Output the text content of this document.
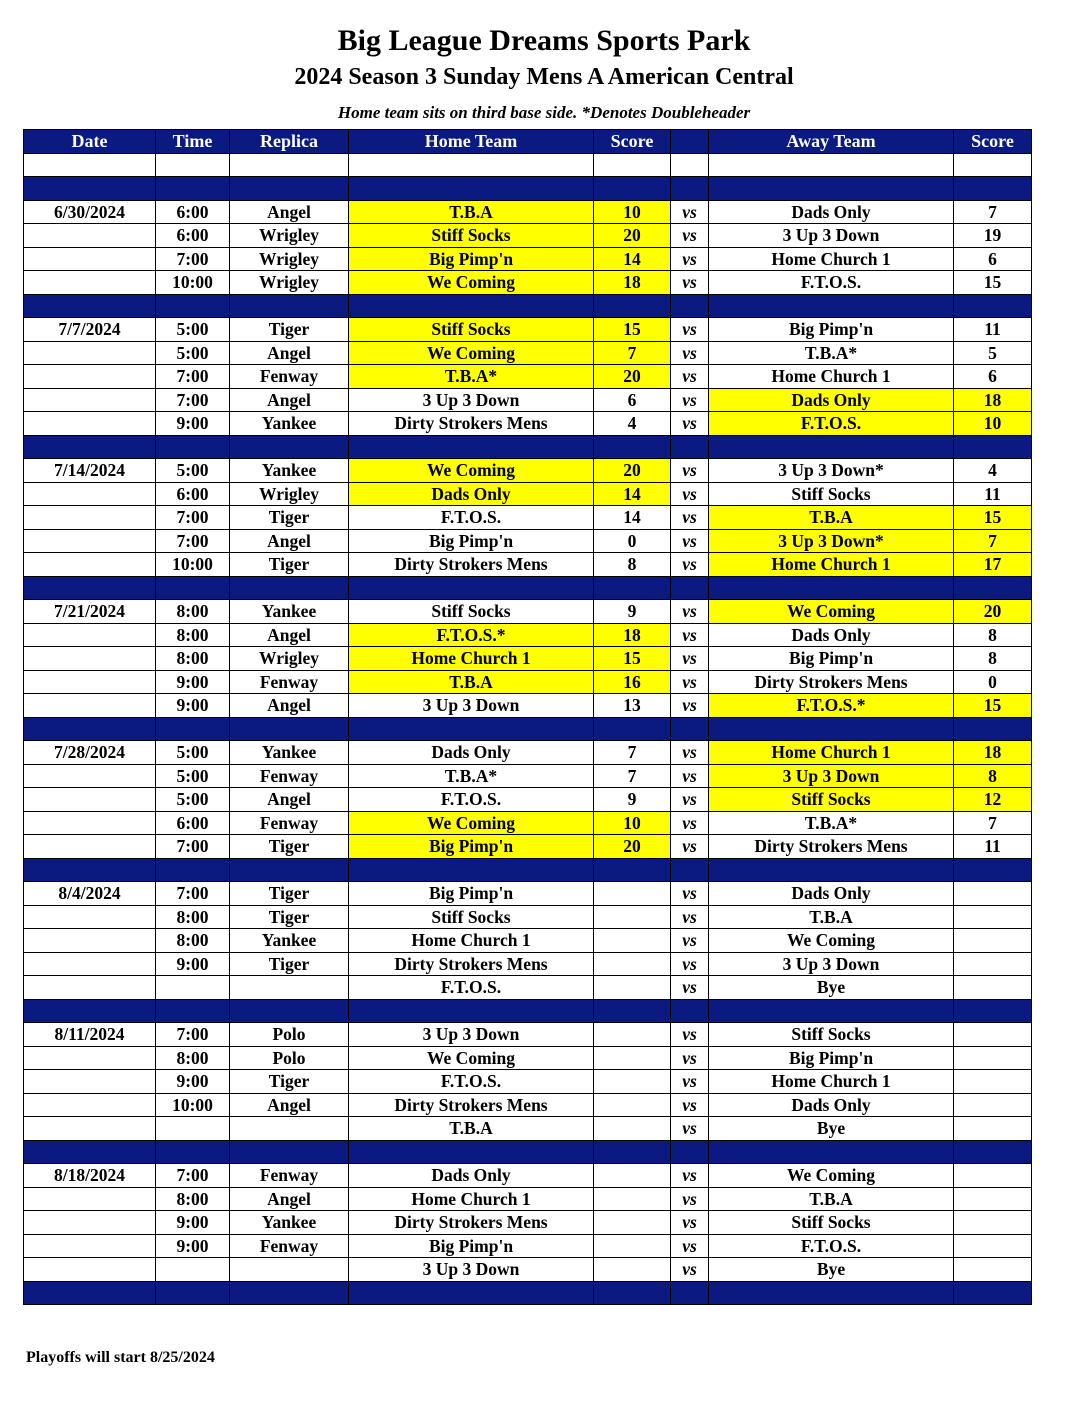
Big League Dreams Sports Park
2024 Season 3 Sunday Mens A American Central
Home team sits on third base side. *Denotes Doubleheader
Date	Time	Replica	Home Team	Score		Away Team	Score

6/30/2024	6:00	Angel	T.B.A	10	vs	Dads Only	7
	6:00	Wrigley	Stiff Socks	20	vs	3 Up 3 Down	19
	7:00	Wrigley	Big Pimp'n	14	vs	Home Church 1	6
	10:00	Wrigley	We Coming	18	vs	F.T.O.S.	15

7/7/2024	5:00	Tiger	Stiff Socks	15	vs	Big Pimp'n	11
	5:00	Angel	We Coming	7	vs	T.B.A*	5
	7:00	Fenway	T.B.A*	20	vs	Home Church 1	6
	7:00	Angel	3 Up 3 Down	6	vs	Dads Only	18
	9:00	Yankee	Dirty Strokers Mens	4	vs	F.T.O.S.	10

7/14/2024	5:00	Yankee	We Coming	20	vs	3 Up 3 Down*	4
	6:00	Wrigley	Dads Only	14	vs	Stiff Socks	11
	7:00	Tiger	F.T.O.S.	14	vs	T.B.A	15
	7:00	Angel	Big Pimp'n	0	vs	3 Up 3 Down*	7
	10:00	Tiger	Dirty Strokers Mens	8	vs	Home Church 1	17

7/21/2024	8:00	Yankee	Stiff Socks	9	vs	We Coming	20
	8:00	Angel	F.T.O.S.*	18	vs	Dads Only	8
	8:00	Wrigley	Home Church 1	15	vs	Big Pimp'n	8
	9:00	Fenway	T.B.A	16	vs	Dirty Strokers Mens	0
	9:00	Angel	3 Up 3 Down	13	vs	F.T.O.S.*	15

7/28/2024	5:00	Yankee	Dads Only	7	vs	Home Church 1	18
	5:00	Fenway	T.B.A*	7	vs	3 Up 3 Down	8
	5:00	Angel	F.T.O.S.	9	vs	Stiff Socks	12
	6:00	Fenway	We Coming	10	vs	T.B.A*	7
	7:00	Tiger	Big Pimp'n	20	vs	Dirty Strokers Mens	11

8/4/2024	7:00	Tiger	Big Pimp'n		vs	Dads Only	
	8:00	Tiger	Stiff Socks		vs	T.B.A	
	8:00	Yankee	Home Church 1		vs	We Coming	
	9:00	Tiger	Dirty Strokers Mens		vs	3 Up 3 Down	
			F.T.O.S.		vs	Bye	

8/11/2024	7:00	Polo	3 Up 3 Down		vs	Stiff Socks	
	8:00	Polo	We Coming		vs	Big Pimp'n	
	9:00	Tiger	F.T.O.S.		vs	Home Church 1	
	10:00	Angel	Dirty Strokers Mens		vs	Dads Only	
			T.B.A		vs	Bye	

8/18/2024	7:00	Fenway	Dads Only		vs	We Coming	
	8:00	Angel	Home Church 1		vs	T.B.A	
	9:00	Yankee	Dirty Strokers Mens		vs	Stiff Socks	
	9:00	Fenway	Big Pimp'n		vs	F.T.O.S.	
			3 Up 3 Down		vs	Bye	

Playoffs will start 8/25/2024
